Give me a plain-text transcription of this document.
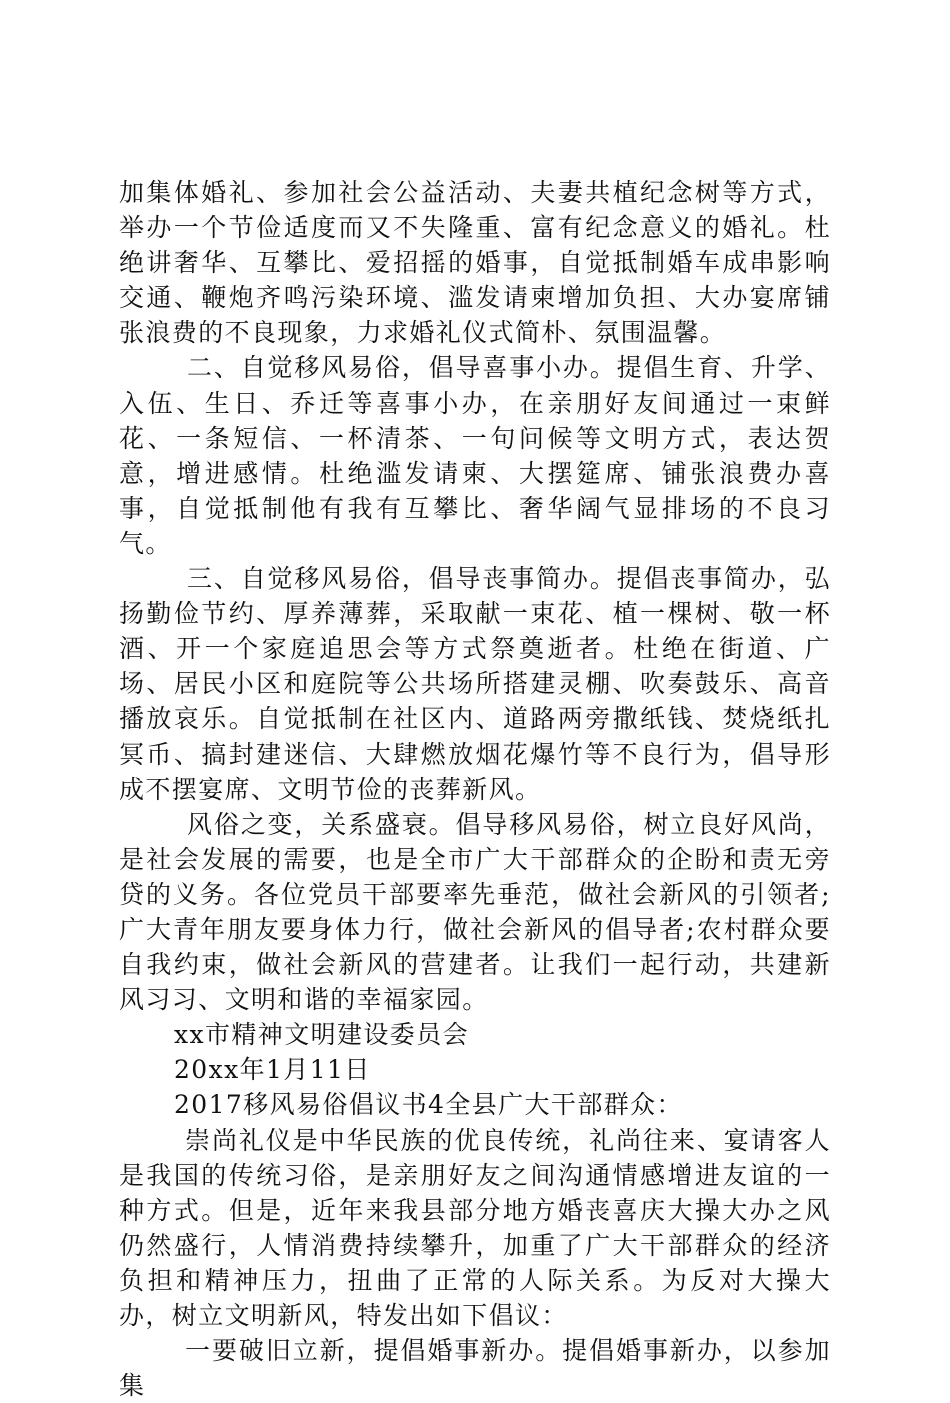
加集体婚礼、参加社会公益活动、夫妻共植纪念树等方式，举办一个节俭适度而又不失隆重、富有纪念意义的婚礼。杜绝讲奢华、互攀比、爱招摇的婚事，自觉抵制婚车成串影响交通、鞭炮齐鸣污染环境、滥发请柬增加负担、大办宴席铺张浪费的不良现象，力求婚礼仪式简朴、氛围温馨。

二、自觉移风易俗，倡导喜事小办。提倡生育、升学、入伍、生日、乔迁等喜事小办，在亲朋好友间通过一束鲜花、一条短信、一杯清茶、一句问候等文明方式，表达贺意，增进感情。杜绝滥发请柬、大摆筵席、铺张浪费办喜事，自觉抵制他有我有互攀比、奢华阔气显排场的不良习气。

三、自觉移风易俗，倡导丧事简办。提倡丧事简办，弘扬勤俭节约、厚养薄葬，采取献一束花、植一棵树、敬一杯酒、开一个家庭追思会等方式祭奠逝者。杜绝在街道、广场、居民小区和庭院等公共场所搭建灵棚、吹奏鼓乐、高音播放哀乐。自觉抵制在社区内、道路两旁撒纸钱、焚烧纸扎冥币、搞封建迷信、大肆燃放烟花爆竹等不良行为，倡导形成不摆宴席、文明节俭的丧葬新风。

风俗之变，关系盛衰。倡导移风易俗，树立良好风尚，是社会发展的需要，也是全市广大干部群众的企盼和责无旁贷的义务。各位党员干部要率先垂范，做社会新风的引领者;广大青年朋友要身体力行，做社会新风的倡导者;农村群众要自我约束，做社会新风的营建者。让我们一起行动，共建新风习习、文明和谐的幸福家园。

xx市精神文明建设委员会

20xx年1月11日

2017移风易俗倡议书4全县广大干部群众：

崇尚礼仪是中华民族的优良传统，礼尚往来、宴请客人是我国的传统习俗，是亲朋好友之间沟通情感增进友谊的一种方式。但是，近年来我县部分地方婚丧喜庆大操大办之风仍然盛行，人情消费持续攀升，加重了广大干部群众的经济负担和精神压力，扭曲了正常的人际关系。为反对大操大办，树立文明新风，特发出如下倡议：

一要破旧立新，提倡婚事新办。提倡婚事新办，以参加集
